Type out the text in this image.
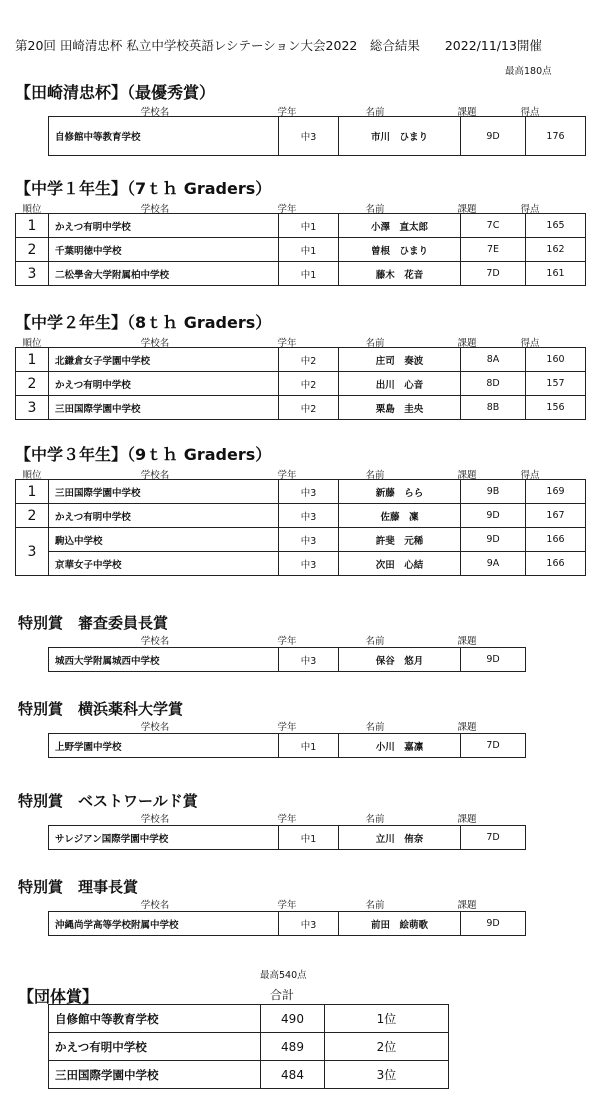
第20回 田崎清忠杯 私立中学校英語レシテーション大会2022　総合結果　　2022/11/13開催
最高180点
【田崎清忠杯】（最優秀賞）
学校名	学年	名前	課題	得点
自修館中等教育学校	中3	市川　ひまり	9D	176
【中学１年生】（7ｔｈ Graders）
順位	学校名	学年	名前	課題	得点
1	かえつ有明中学校	中1	小澤　直太郎	7C	165
2	千葉明徳中学校	中1	曽根　ひまり	7E	162
3	二松學舍大学附属柏中学校	中1	藤木　花音	7D	161
【中学２年生】（8ｔｈ Graders）
順位	学校名	学年	名前	課題	得点
1	北鎌倉女子学園中学校	中2	庄司　奏波	8A	160
2	かえつ有明中学校	中2	出川　心音	8D	157
3	三田国際学園中学校	中2	栗島　圭央	8B	156
【中学３年生】（9ｔｈ Graders）
順位	学校名	学年	名前	課題	得点
1	三田国際学園中学校	中3	新藤　らら	9B	169
2	かえつ有明中学校	中3	佐藤　凜	9D	167
3	駒込中学校	中3	許斐　元稀	9D	166
	京華女子中学校	中3	次田　心結	9A	166
特別賞　審査委員長賞
学校名	学年	名前	課題
城西大学附属城西中学校	中3	保谷　悠月	9D
特別賞　横浜薬科大学賞
学校名	学年	名前	課題
上野学園中学校	中1	小川　嘉凛	7D
特別賞　ベストワールド賞
学校名	学年	名前	課題
サレジアン国際学園中学校	中1	立川　侑奈	7D
特別賞　理事長賞
学校名	学年	名前	課題
沖縄尚学高等学校附属中学校	中3	前田　絵萌歌	9D
最高540点
【団体賞】	合計
自修館中等教育学校	490	1位
かえつ有明中学校	489	2位
三田国際学園中学校	484	3位
